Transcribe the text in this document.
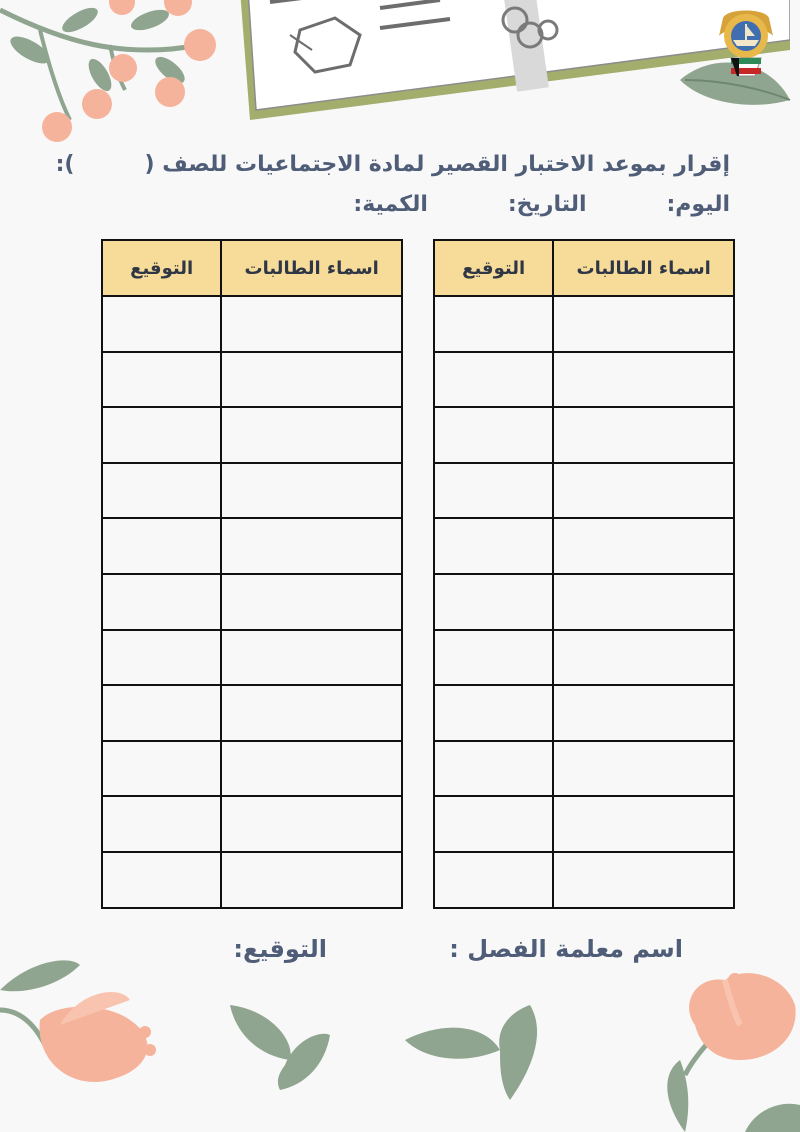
إقرار بموعد الاختبار القصير لمادة الاجتماعيات للصف ():
اليوم:التاريخ:الكمية:
اسماء الطالبات	التوقيع

اسماء الطالبات	التوقيع

اسم معلمة الفصل :
التوقيع:
